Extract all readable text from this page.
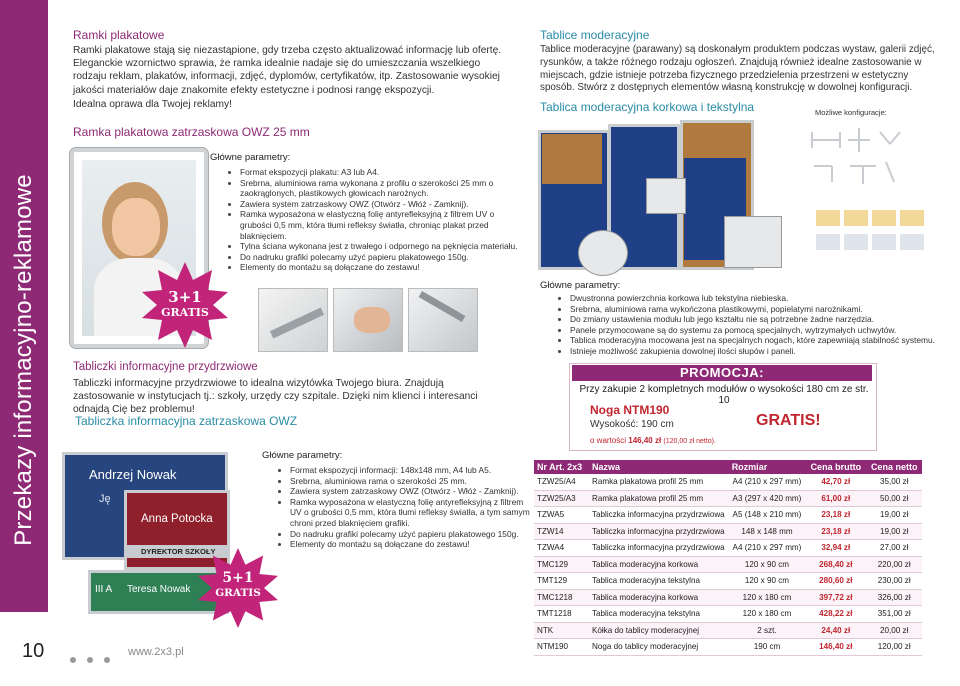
Przekazy informacyjno-reklamowe
10	www.2x3.pl
Ramki plakatowe
Ramki plakatowe stają się niezastąpione, gdy trzeba często aktualizować informację lub ofertę. Eleganckie wzornictwo sprawia, że ramka idealnie nadaje się do umieszczania wszelkiego rodzaju reklam, plakatów, informacji, zdjęć, dyplomów, certyfikatów, itp. Zastosowanie wysokiej jakości materiałów daje znakomite efekty estetyczne i podnosi rangę ekspozycji.
Idealna oprawa dla Twojej reklamy!
Ramka plakatowa zatrzaskowa OWZ 25 mm
3+1
GRATIS
Główne parametry:
Format ekspozycji plakatu: A3 lub A4.
Srebrna, aluminiowa rama wykonana z profilu o szerokości 25 mm o zaokrąglonych, plastikowych głowicach narożnych.
Zawiera system zatrzaskowy OWZ (Otwórz - Włóż - Zamknij).
Ramka wyposażona w elastyczną folię antyrefleksyjną z filtrem UV o grubości 0,5 mm, która tłumi refleksy światła, chroniąc plakat przed blaknięciem.
Tylna ściana wykonana jest z trwałego i odpornego na pęknięcia materiału.
Do nadruku grafiki polecamy użyć papieru plakatowego 150g.
Elementy do montażu są dołączane do zestawu!
Tabliczki informacyjne przydrzwiowe
Tabliczki informacyjne przydrzwiowe to idealna wizytówka Twojego biura. Znajdują zastosowanie w instytucjach tj.: szkoły, urzędy czy szpitale. Dzięki nim klienci i interesanci odnajdą Cię bez problemu!
Tabliczka informacyjna zatrzaskowa OWZ
Andrzej Nowak
Ję
III A Teresa Nowak
Anna Potocka
DYREKTOR SZKOŁY
5+1
GRATIS
Główne parametry:
Format ekspozycji informacji: 148x148 mm, A4 lub A5.
Srebrna, aluminiowa rama o szerokości 25 mm.
Zawiera system zatrzaskowy OWZ (Otwórz - Włóż - Zamknij).
Ramka wyposażona w elastyczną folię antyrefleksyjną z filtrem UV o grubości 0,5 mm, która tłumi refleksy światła, a tym samym chroni przed blaknięciem grafiki.
Do nadruku grafiki polecamy użyć papieru plakatowego 150g.
Elementy do montażu są dołączane do zestawu!
Tablice moderacyjne
Tablice moderacyjne (parawany) są doskonałym produktem podczas wystaw, galerii zdjęć, rysunków, a także różnego rodzaju ogłoszeń. Znajdują również idealne zastosowanie w miejscach, gdzie istnieje potrzeba fizycznego przedzielenia przestrzeni w estetyczny sposób. Stwórz z dostępnych elementów własną konstrukcję w dowolnej konfiguracji.
Tablica moderacyjna korkowa i tekstylna	Możliwe konfiguracje:
Główne parametry:
Dwustronna powierzchnia korkowa lub tekstylna niebieska.
Srebrna, aluminiowa rama wykończona plastikowymi, popielatymi narożnikami.
Do zmiany ustawienia modułu lub jego kształtu nie są potrzebne żadne narzędzia.
Panele przymocowane są do systemu za pomocą specjalnych, wytrzymałych uchwytów.
Tablica moderacyjna mocowana jest na specjalnych nogach, które zapewniają stabilność systemu.
Istnieje możliwość zakupienia dowolnej ilości słupów i paneli.
PROMOCJA:
Przy zakupie 2 kompletnych modułów o wysokości 180 cm ze str. 10
Noga NTM190
Wysokość: 190 cm	GRATIS!
o wartości 146,40 zł (120,00 zł netto).
Nr Art. 2x3	Nazwa	Rozmiar	Cena brutto	Cena netto
TZW25/A4	Ramka plakatowa profil 25 mm	A4 (210 x 297 mm)	42,70 zł	35,00 zł
TZW25/A3	Ramka plakatowa profil 25 mm	A3 (297 x 420 mm)	61,00 zł	50,00 zł
TZWA5	Tabliczka informacyjna przydrzwiowa	A5 (148 x 210 mm)	23,18 zł	19,00 zł
TZW14	Tabliczka informacyjna przydrzwiowa	148 x 148 mm	23,18 zł	19,00 zł
TZWA4	Tabliczka informacyjna przydrzwiowa	A4 (210 x 297 mm)	32,94 zł	27,00 zł
TMC129	Tablica moderacyjna korkowa	120 x 90 cm	268,40 zł	220,00 zł
TMT129	Tablica moderacyjna tekstylna	120 x 90 cm	280,60 zł	230,00 zł
TMC1218	Tablica moderacyjna korkowa	120 x 180 cm	397,72 zł	326,00 zł
TMT1218	Tablica moderacyjna tekstylna	120 x 180 cm	428,22 zł	351,00 zł
NTK	Kółka do tablicy moderacyjnej	2 szt.	24,40 zł	20,00 zł
NTM190	Noga do tablicy moderacyjnej	190 cm	146,40 zł	120,00 zł
